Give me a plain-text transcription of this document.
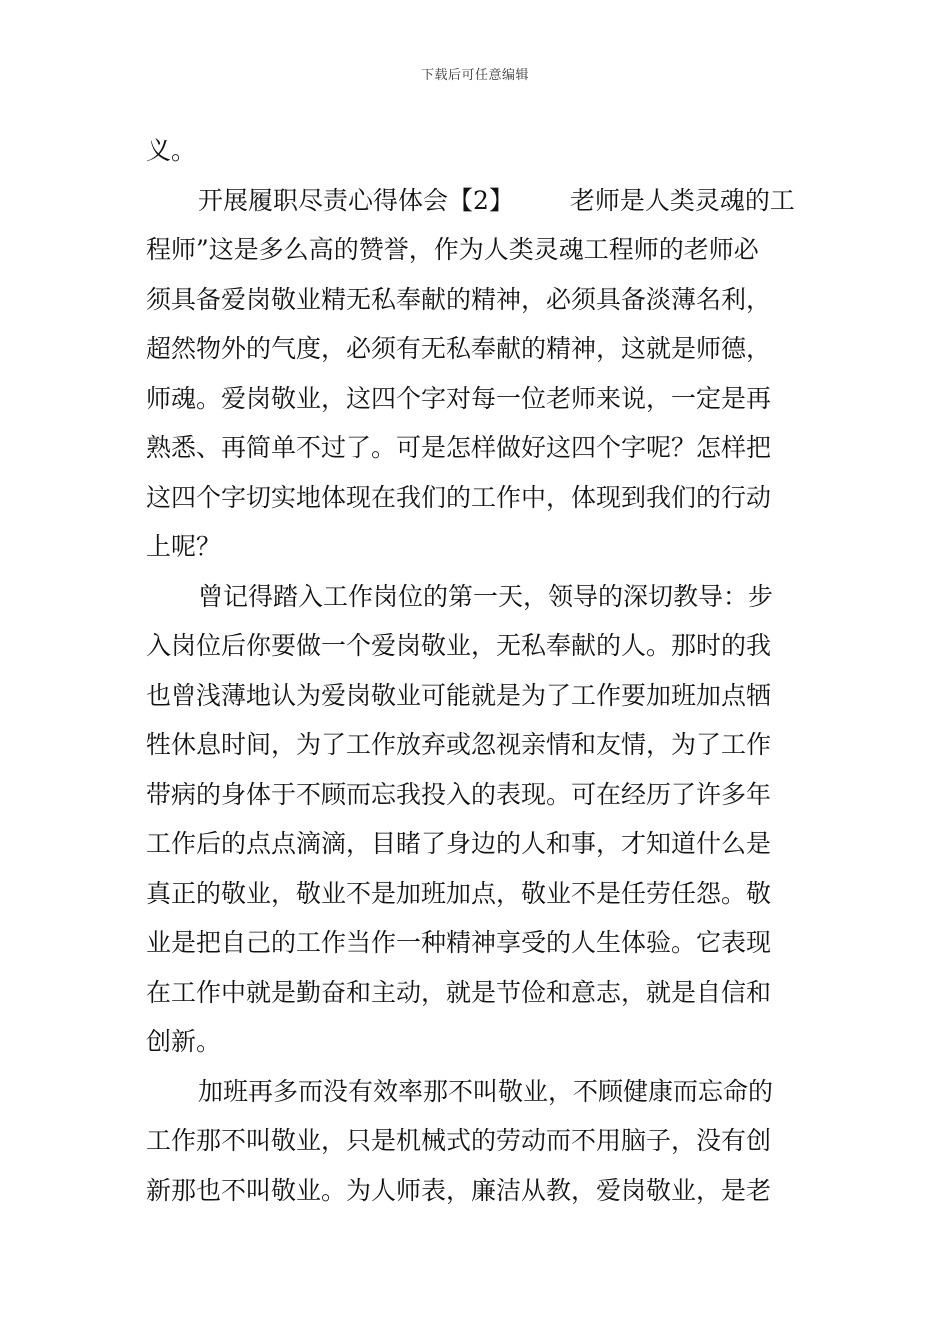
下载后可任意编辑
义。
开展履职尽责心得体会【2】 老师是人类灵魂的工
程师”这是多么高的赞誉，作为人类灵魂工程师的老师必
须具备爱岗敬业精无私奉献的精神，必须具备淡薄名利，
超然物外的气度，必须有无私奉献的精神，这就是师德，
师魂。爱岗敬业，这四个字对每一位老师来说，一定是再
熟悉、再简单不过了。可是怎样做好这四个字呢？怎样把
这四个字切实地体现在我们的工作中，体现到我们的行动
上呢？
曾记得踏入工作岗位的第一天，领导的深切教导：步
入岗位后你要做一个爱岗敬业，无私奉献的人。那时的我
也曾浅薄地认为爱岗敬业可能就是为了工作要加班加点牺
牲休息时间，为了工作放弃或忽视亲情和友情，为了工作
带病的身体于不顾而忘我投入的表现。可在经历了许多年
工作后的点点滴滴，目睹了身边的人和事，才知道什么是
真正的敬业，敬业不是加班加点，敬业不是任劳任怨。敬
业是把自己的工作当作一种精神享受的人生体验。它表现
在工作中就是勤奋和主动，就是节俭和意志，就是自信和
创新。
加班再多而没有效率那不叫敬业，不顾健康而忘命的
工作那不叫敬业，只是机械式的劳动而不用脑子，没有创
新那也不叫敬业。为人师表，廉洁从教，爱岗敬业，是老
